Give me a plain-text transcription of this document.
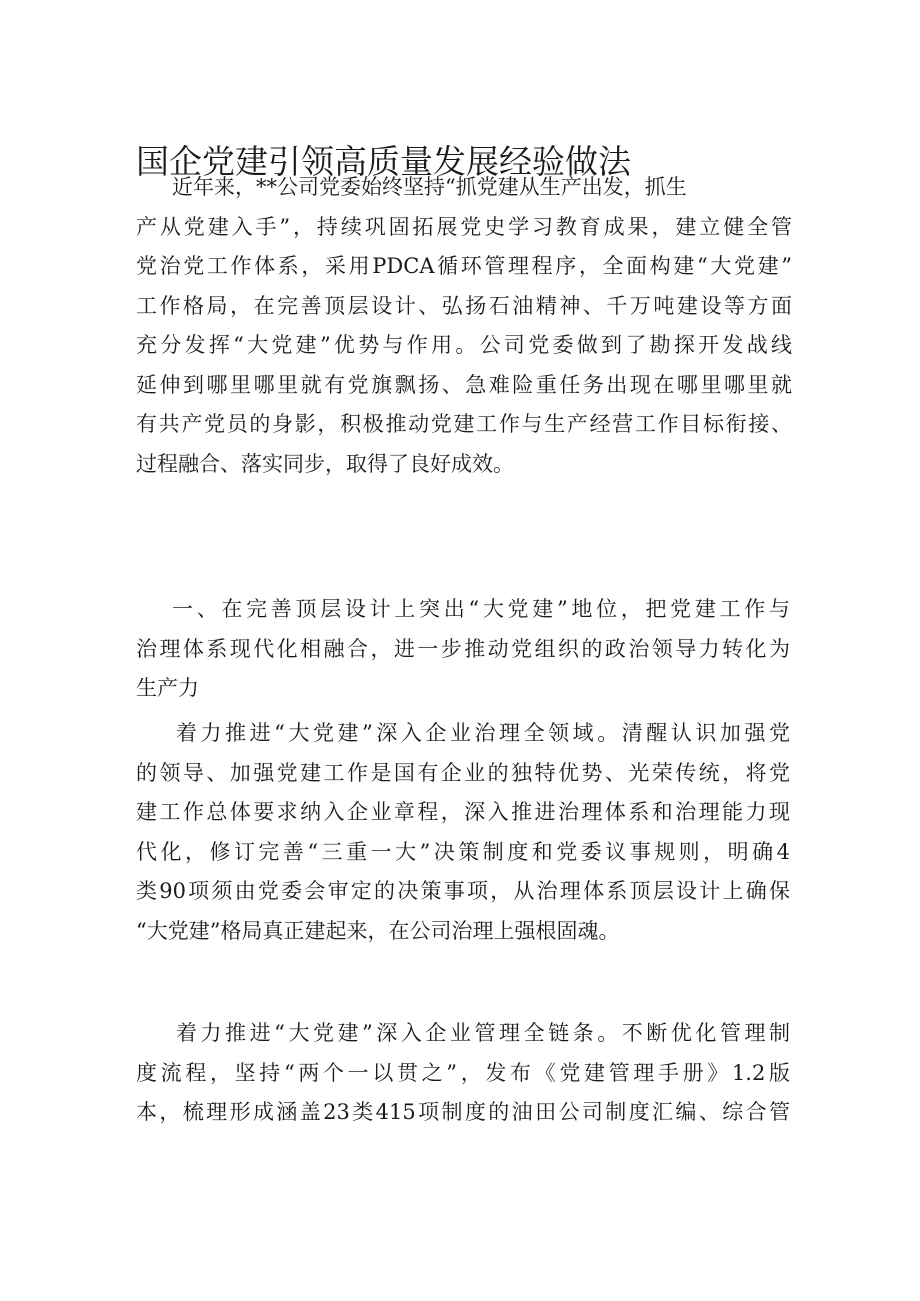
国企党建引领高质量发展经验做法
近年来，**公司党委始终坚持“抓党建从生产出发，抓生
产从党建入手”，持续巩固拓展党史学习教育成果，建立健全管
党治党工作体系，采用PDCA循环管理程序，全面构建“大党建”
工作格局，在完善顶层设计、弘扬石油精神、千万吨建设等方面
充分发挥“大党建”优势与作用。公司党委做到了勘探开发战线
延伸到哪里哪里就有党旗飘扬、急难险重任务出现在哪里哪里就
有共产党员的身影，积极推动党建工作与生产经营工作目标衔接、
过程融合、落实同步，取得了良好成效。
一、在完善顶层设计上突出“大党建”地位，把党建工作与
治理体系现代化相融合，进一步推动党组织的政治领导力转化为
生产力
着力推进“大党建”深入企业治理全领域。清醒认识加强党
的领导、加强党建工作是国有企业的独特优势、光荣传统，将党
建工作总体要求纳入企业章程，深入推进治理体系和治理能力现
代化，修订完善“三重一大”决策制度和党委议事规则，明确4
类90项须由党委会审定的决策事项，从治理体系顶层设计上确保
“大党建”格局真正建起来，在公司治理上强根固魂。
着力推进“大党建”深入企业管理全链条。不断优化管理制
度流程，坚持“两个一以贯之”，发布《党建管理手册》1.2版
本，梳理形成涵盖23类415项制度的油田公司制度汇编、综合管
